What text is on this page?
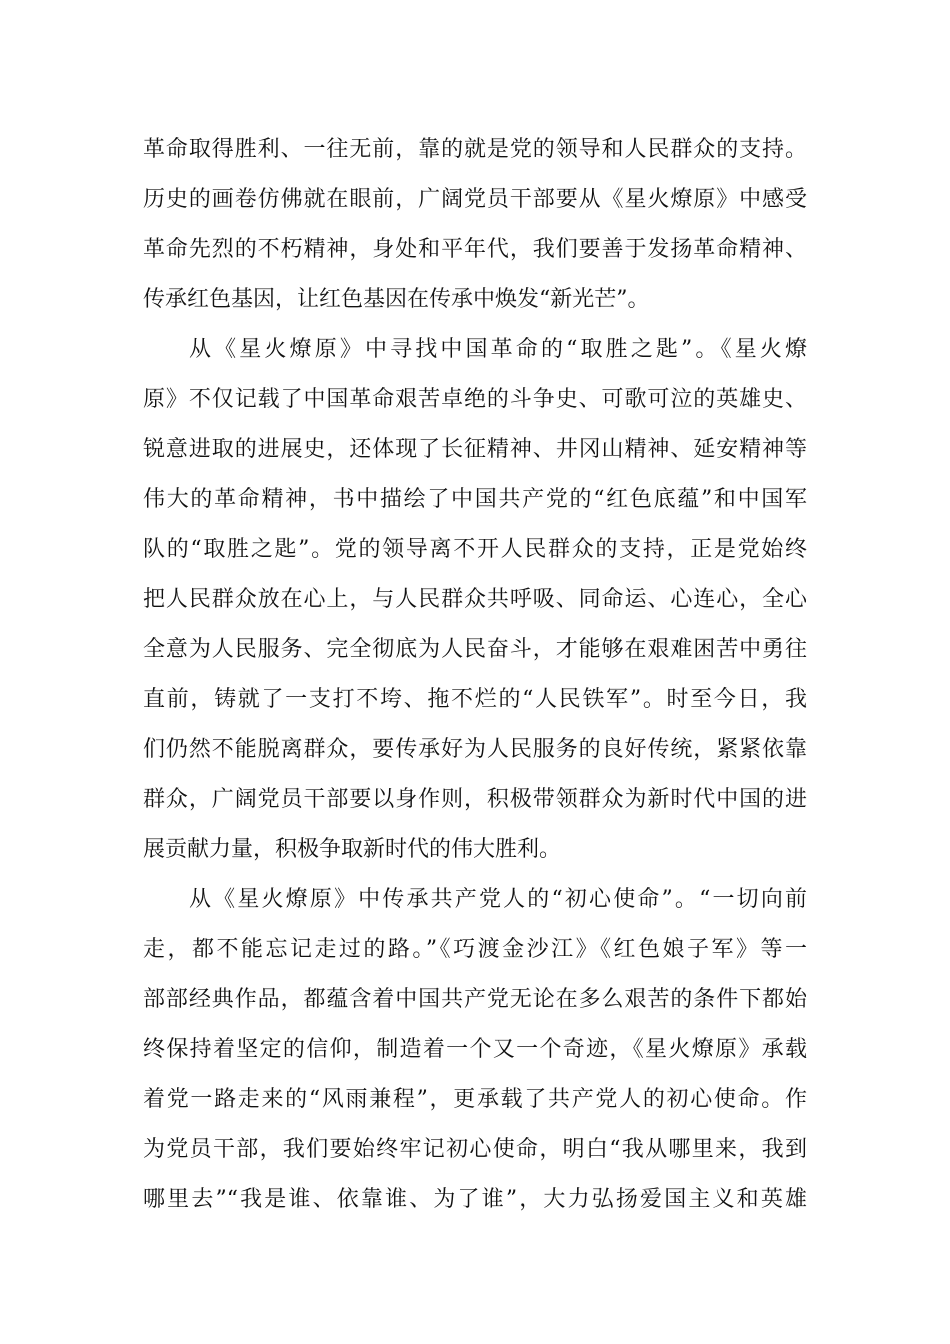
革命取得胜利、一往无前，靠的就是党的领导和人民群众的支持。
历史的画卷仿佛就在眼前，广阔党员干部要从《星火燎原》中感受
革命先烈的不朽精神，身处和平年代，我们要善于发扬革命精神、
传承红色基因，让红色基因在传承中焕发“新光芒”。
从《星火燎原》中寻找中国革命的“取胜之匙”。《星火燎
原》不仅记载了中国革命艰苦卓绝的斗争史、可歌可泣的英雄史、
锐意进取的进展史，还体现了长征精神、井冈山精神、延安精神等
伟大的革命精神，书中描绘了中国共产党的“红色底蕴”和中国军
队的“取胜之匙”。党的领导离不开人民群众的支持，正是党始终
把人民群众放在心上，与人民群众共呼吸、同命运、心连心，全心
全意为人民服务、完全彻底为人民奋斗，才能够在艰难困苦中勇往
直前，铸就了一支打不垮、拖不烂的“人民铁军”。时至今日，我
们仍然不能脱离群众，要传承好为人民服务的良好传统，紧紧依靠
群众，广阔党员干部要以身作则，积极带领群众为新时代中国的进
展贡献力量，积极争取新时代的伟大胜利。
从《星火燎原》中传承共产党人的“初心使命”。“一切向前
走，都不能忘记走过的路。”《巧渡金沙江》《红色娘子军》等一
部部经典作品，都蕴含着中国共产党无论在多么艰苦的条件下都始
终保持着坚定的信仰，制造着一个又一个奇迹，《星火燎原》承载
着党一路走来的“风雨兼程”，更承载了共产党人的初心使命。作
为党员干部，我们要始终牢记初心使命，明白“我从哪里来，我到
哪里去”“我是谁、依靠谁、为了谁”，大力弘扬爱国主义和英雄
